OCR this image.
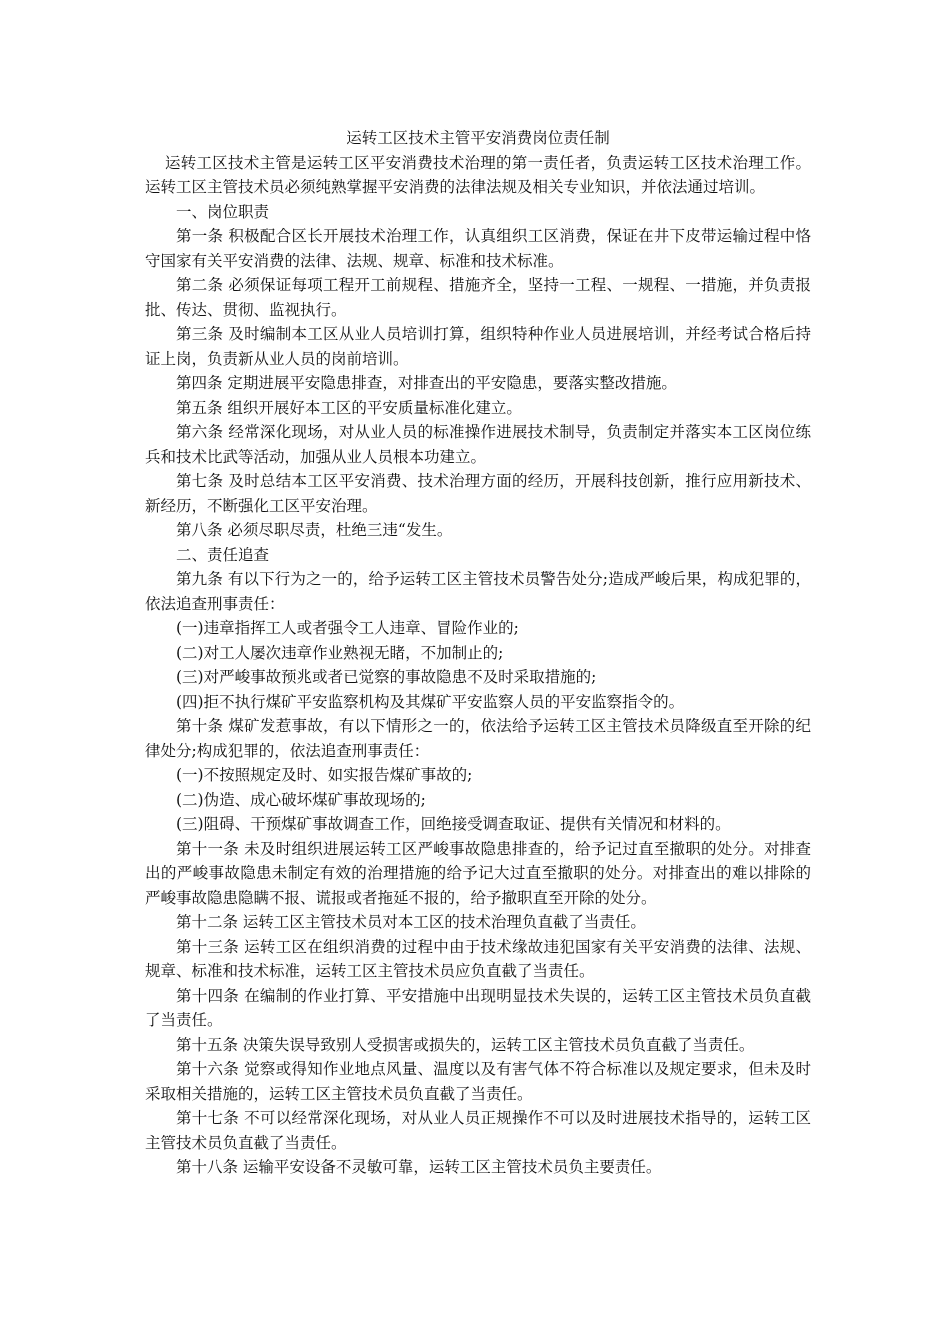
运转工区技术主管平安消费岗位责任制

运转工区技术主管是运转工区平安消费技术治理的第一责任者，负责运转工区技术治理工作。运转工区主管技术员必须纯熟掌握平安消费的法律法规及相关专业知识，并依法通过培训。

一、岗位职责

第一条 积极配合区长开展技术治理工作，认真组织工区消费，保证在井下皮带运输过程中恪守国家有关平安消费的法律、法规、规章、标准和技术标准。

第二条 必须保证每项工程开工前规程、措施齐全，坚持一工程、一规程、一措施，并负责报批、传达、贯彻、监视执行。

第三条 及时编制本工区从业人员培训打算，组织特种作业人员进展培训，并经考试合格后持证上岗，负责新从业人员的岗前培训。

第四条 定期进展平安隐患排查，对排查出的平安隐患，要落实整改措施。

第五条 组织开展好本工区的平安质量标准化建立。

第六条 经常深化现场，对从业人员的标准操作进展技术制导，负责制定并落实本工区岗位练兵和技术比武等活动，加强从业人员根本功建立。

第七条 及时总结本工区平安消费、技术治理方面的经历，开展科技创新，推行应用新技术、新经历，不断强化工区平安治理。

第八条 必须尽职尽责，杜绝三违“发生。

二、责任追查

第九条 有以下行为之一的，给予运转工区主管技术员警告处分;造成严峻后果，构成犯罪的，依法追查刑事责任：

(一)违章指挥工人或者强令工人违章、冒险作业的;

(二)对工人屡次违章作业熟视无睹，不加制止的;

(三)对严峻事故预兆或者已觉察的事故隐患不及时采取措施的;

(四)拒不执行煤矿平安监察机构及其煤矿平安监察人员的平安监察指令的。

第十条 煤矿发惹事故，有以下情形之一的，依法给予运转工区主管技术员降级直至开除的纪律处分;构成犯罪的，依法追查刑事责任：

(一)不按照规定及时、如实报告煤矿事故的;

(二)伪造、成心破坏煤矿事故现场的;

(三)阻碍、干预煤矿事故调查工作，回绝接受调查取证、提供有关情况和材料的。

第十一条 未及时组织进展运转工区严峻事故隐患排查的，给予记过直至撤职的处分。对排查出的严峻事故隐患未制定有效的治理措施的给予记大过直至撤职的处分。对排查出的难以排除的严峻事故隐患隐瞒不报、谎报或者拖延不报的，给予撤职直至开除的处分。

第十二条 运转工区主管技术员对本工区的技术治理负直截了当责任。

第十三条 运转工区在组织消费的过程中由于技术缘故违犯国家有关平安消费的法律、法规、规章、标准和技术标准，运转工区主管技术员应负直截了当责任。

第十四条 在编制的作业打算、平安措施中出现明显技术失误的，运转工区主管技术员负直截了当责任。

第十五条 决策失误导致别人受损害或损失的，运转工区主管技术员负直截了当责任。

第十六条 觉察或得知作业地点风量、温度以及有害气体不符合标准以及规定要求，但未及时采取相关措施的，运转工区主管技术员负直截了当责任。

第十七条 不可以经常深化现场，对从业人员正规操作不可以及时进展技术指导的，运转工区主管技术员负直截了当责任。

第十八条 运输平安设备不灵敏可靠，运转工区主管技术员负主要责任。
